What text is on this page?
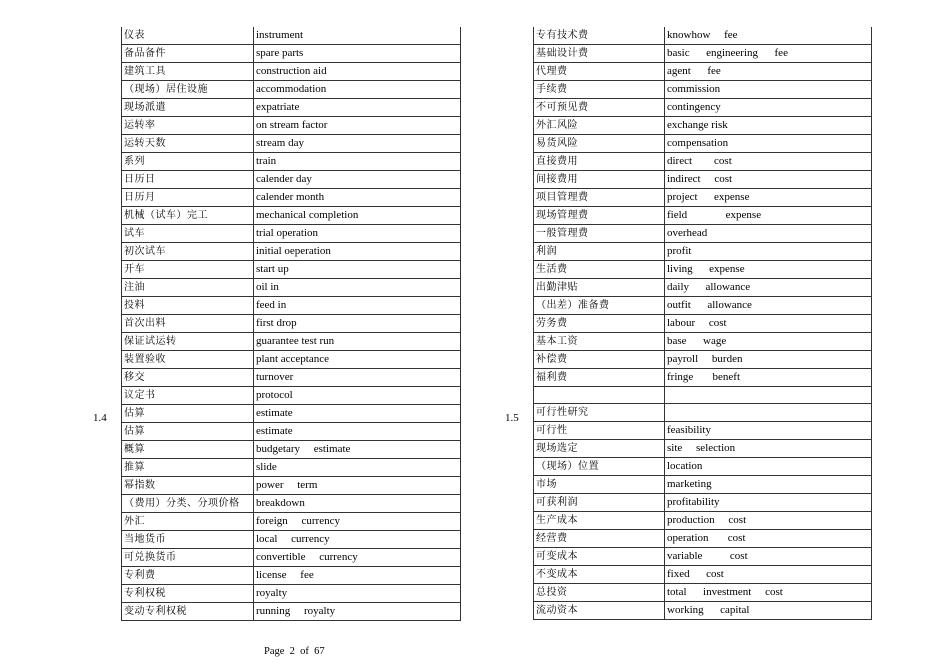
仪表	instrument
备品备件	spare parts
建筑工具	construction aid
（现场）居住设施	accommodation
现场派遣	expatriate
运转率	on stream factor
运转天数	stream day
系列	train
日历日	calender day
日历月	calender month
机械（试车）完工	mechanical completion
试车	trial operation
初次试车	initial oeperation
开车	start up
注油	oil in
投料	feed in
首次出料	first drop
保证试运转	guarantee test run
装置验收	plant acceptance
移交	turnover
议定书	protocol
估算	estimate
估算	estimate
概算	budgetary     estimate
推算	slide
幂指数	power     term
（费用）分类、分项价格	breakdown
外汇	foreign     currency
当地货币	local     currency
可兑换货币	convertible     currency
专利费	license     fee
专利权税	royalty
变动专利权税	running     royalty
专有技术费	knowhow     fee
基础设计费	basic      engineering      fee
代理费	agent      fee
手续费	commission
不可预见费	contingency
外汇风险	exchange risk
易货风险	compensation
直接费用	direct        cost
间接费用	indirect     cost
项目管理费	project      expense
现场管理费	field              expense
一般管理费	overhead
利润	profit
生活费	living      expense
出勤津贴	daily      allowance
（出差）准备费	outfit      allowance
劳务费	labour     cost
基本工资	base      wage
补偿费	payroll     burden
福利费	fringe       beneft

可行性研究	
可行性	feasibility
现场选定	site     selection
（现场）位置	location
市场	marketing
可获利润	profitability
生产成本	production     cost
经营费	operation       cost
可变成本	variable          cost
不变成本	fixed      cost
总投资	total      investment     cost
流动资本	working      capital
1.4	1.5
Page 2 of 67
